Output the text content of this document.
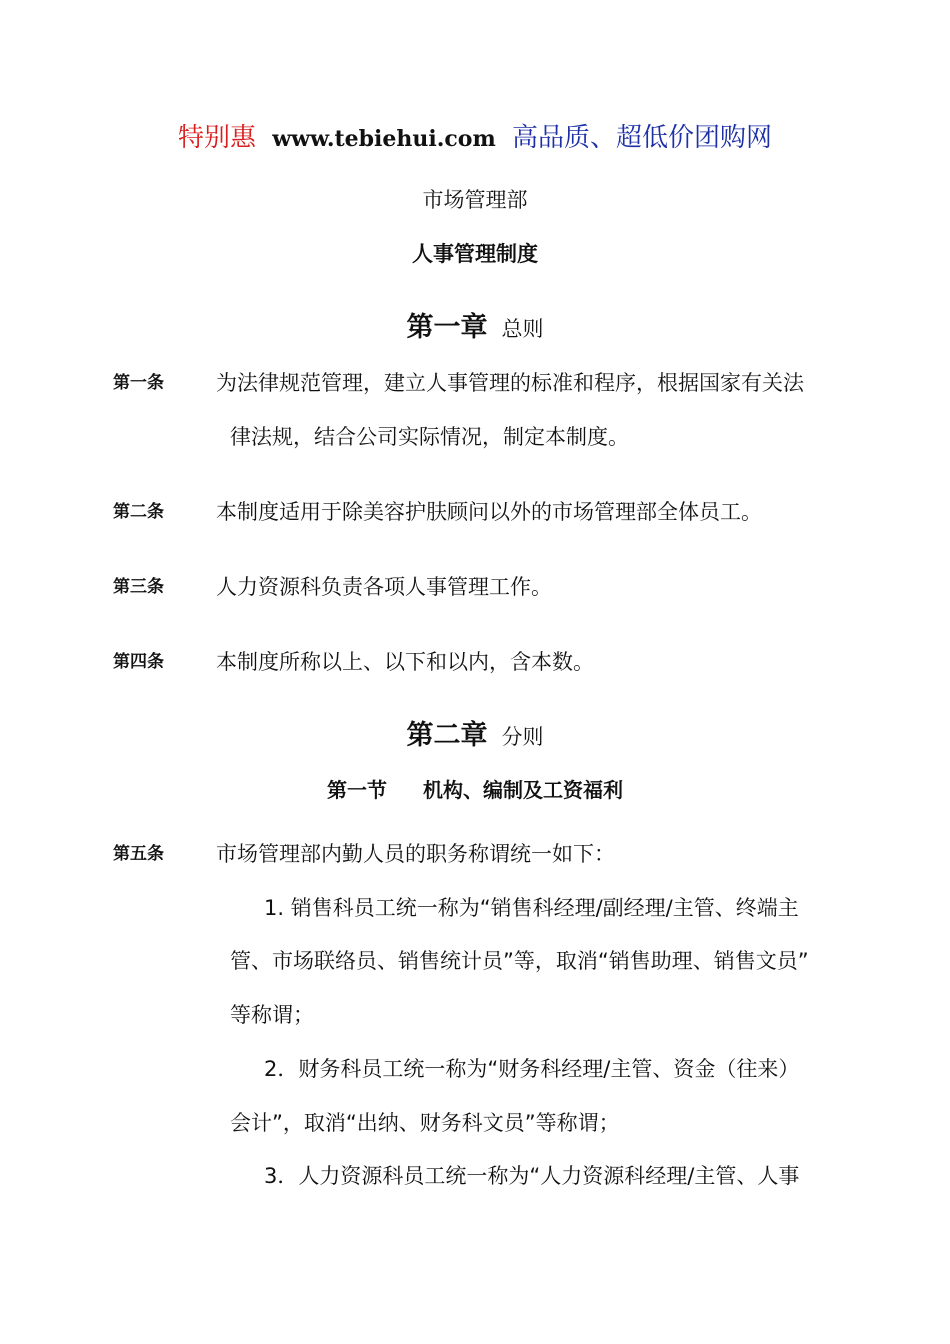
特别惠 www.tebiehui.com 高品质、超低价团购网
市场管理部
人事管理制度
第一章 总则
第一条 为法律规范管理，建立人事管理的标准和程序，根据国家有关法
律法规，结合公司实际情况，制定本制度。
第二条 本制度适用于除美容护肤顾问以外的市场管理部全体员工。
第三条 人力资源科负责各项人事管理工作。
第四条 本制度所称以上、以下和以内，含本数。
第二章 分则
第一节 机构、编制及工资福利
第五条 市场管理部内勤人员的职务称谓统一如下：
1. 销售科员工统一称为“销售科经理/副经理/主管、终端主
管、市场联络员、销售统计员”等，取消“销售助理、销售文员”
等称谓；
2．财务科员工统一称为“财务科经理/主管、资金（往来）
会计”，取消“出纳、财务科文员”等称谓；
3．人力资源科员工统一称为“人力资源科经理/主管、人事
